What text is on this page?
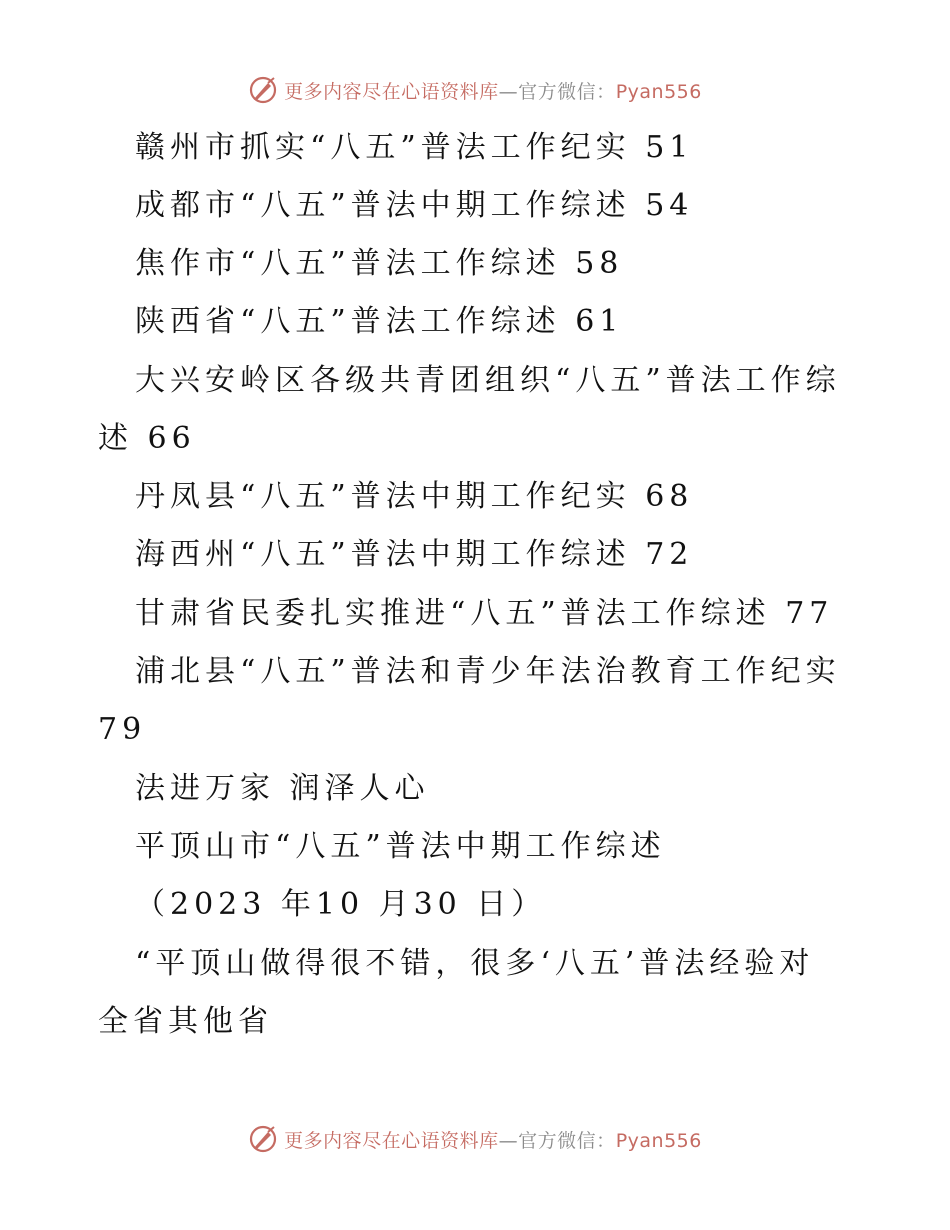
更多内容尽在心语资料库—官方微信：Pyan556
赣州市抓实“八五”普法工作纪实 51
成都市“八五”普法中期工作综述 54
焦作市“八五”普法工作综述 58
陕西省“八五”普法工作综述 61
大兴安岭区各级共青团组织“八五”普法工作综
述 66
丹凤县“八五”普法中期工作纪实 68
海西州“八五”普法中期工作综述 72
甘肃省民委扎实推进“八五”普法工作综述 77
浦北县“八五”普法和青少年法治教育工作纪实
79
法进万家 润泽人心
平顶山市“八五”普法中期工作综述
（2023 年10 月30 日）
“平顶山做得很不错，很多‘八五’普法经验对
全省其他省
更多内容尽在心语资料库—官方微信：Pyan556
